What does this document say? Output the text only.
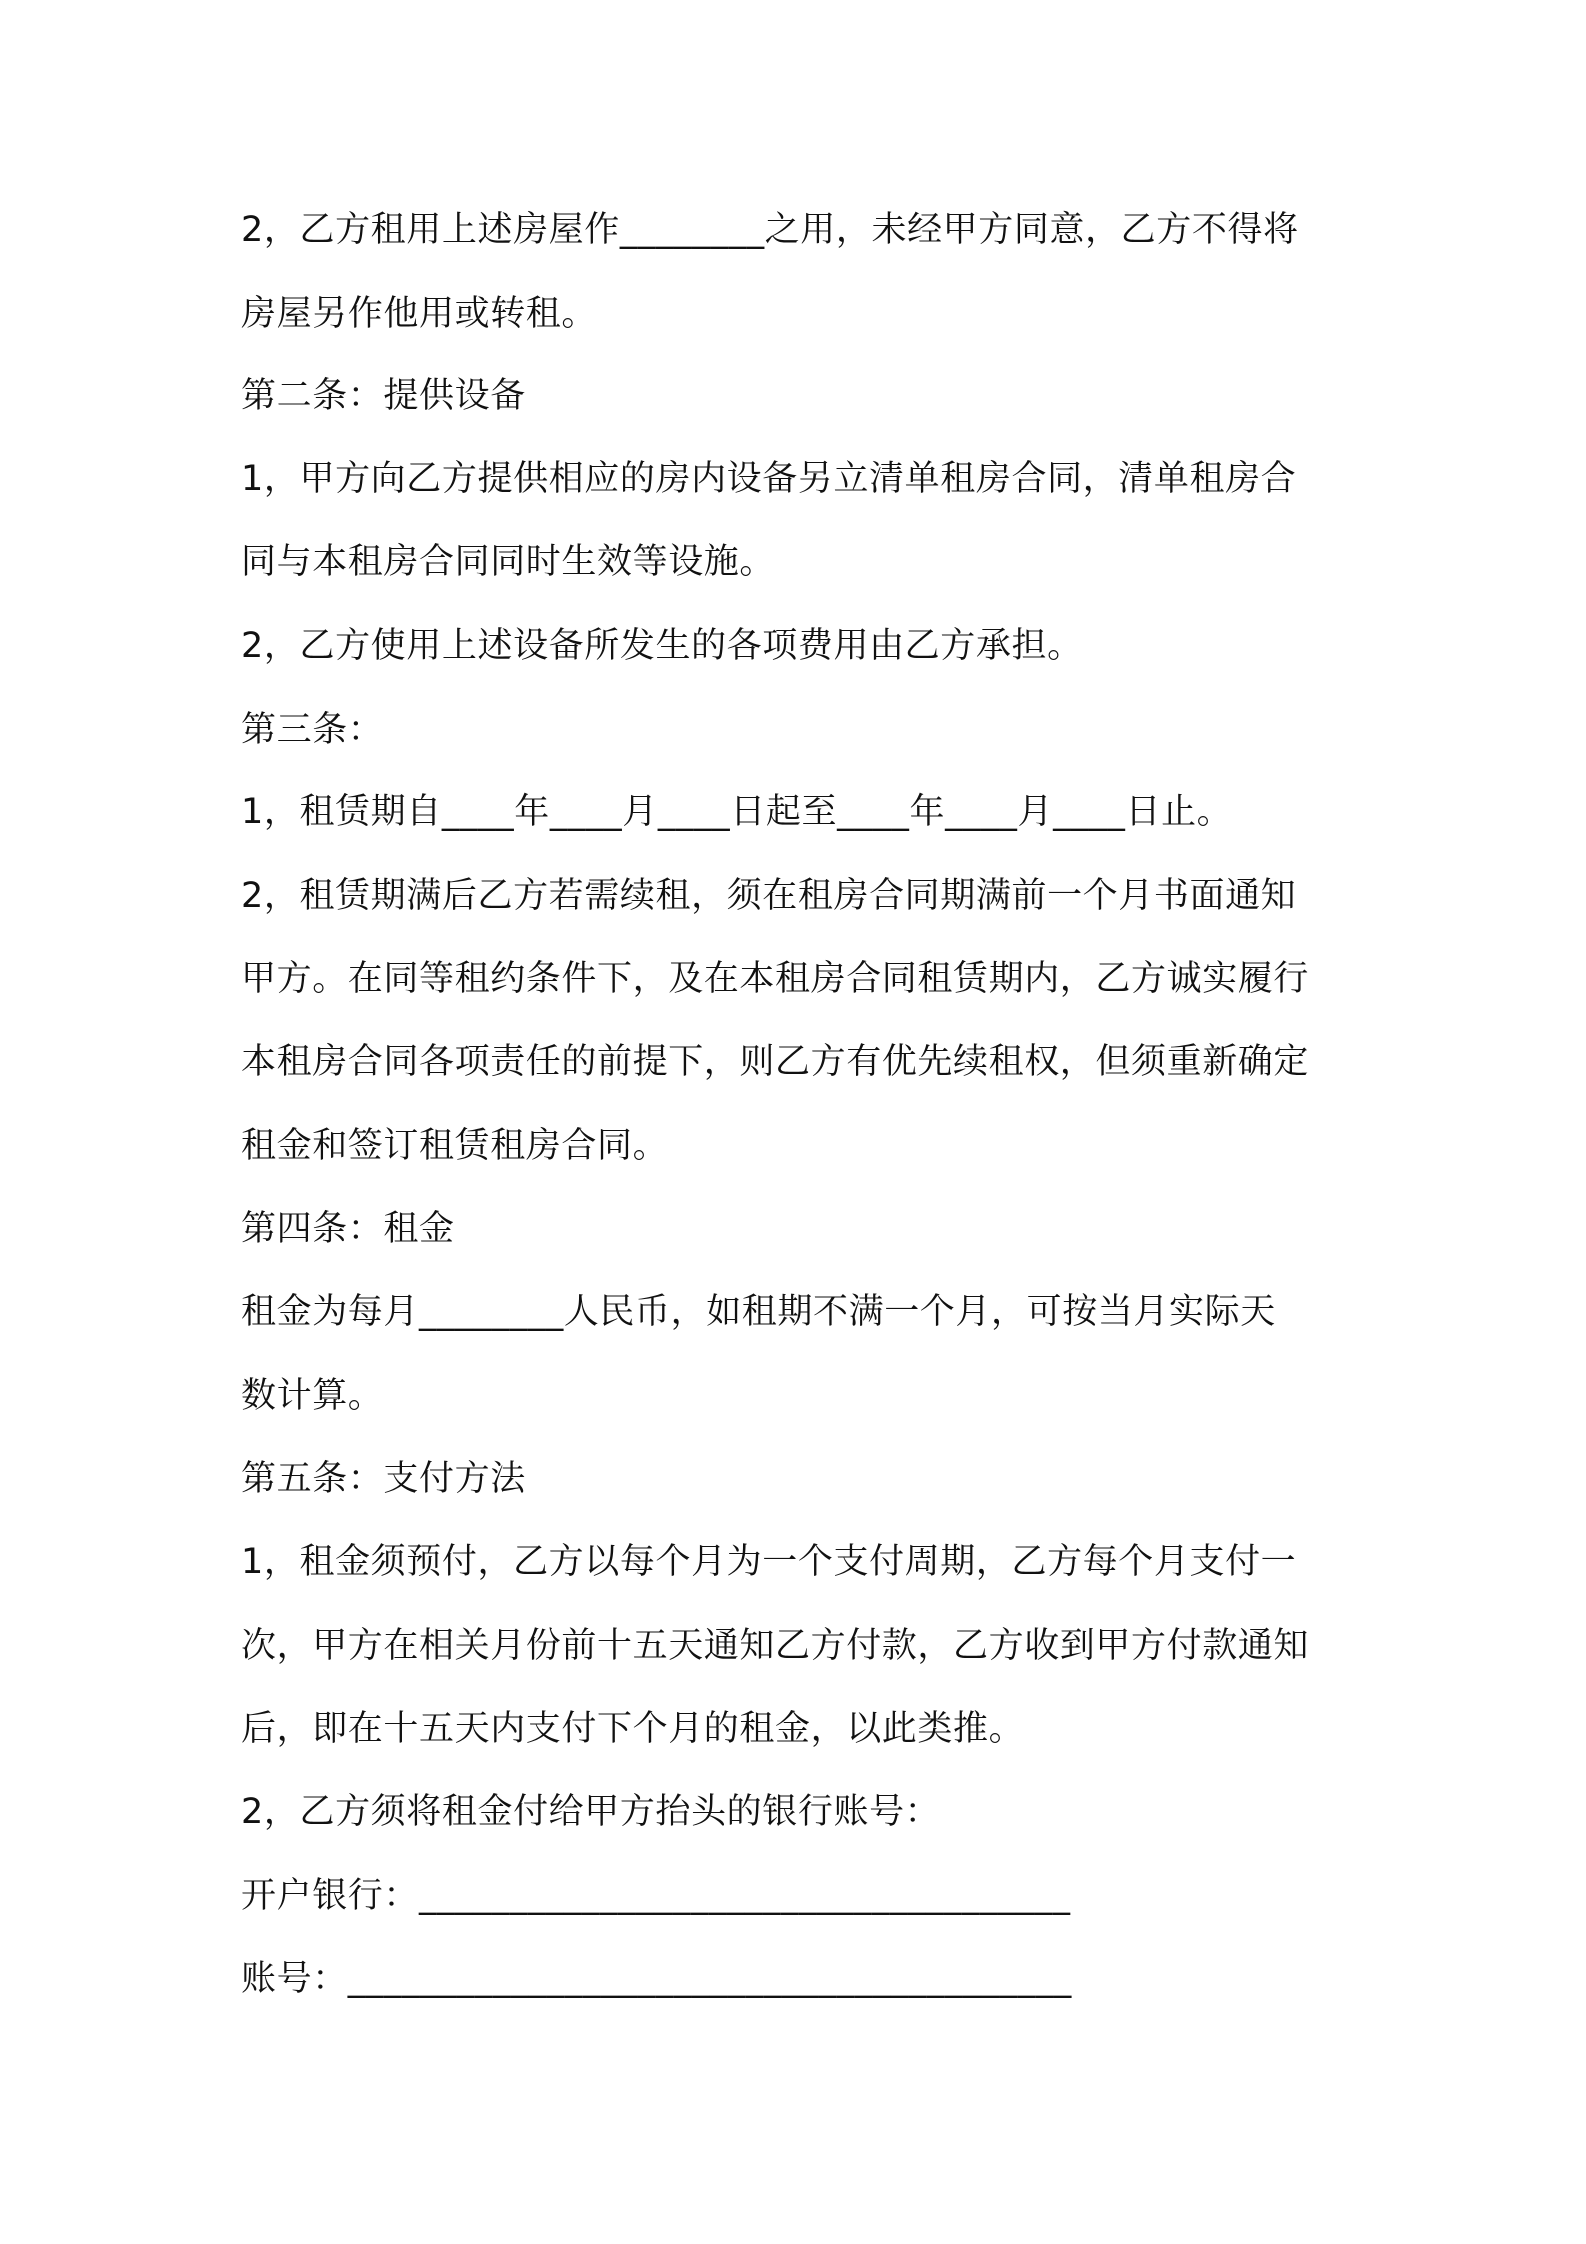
2，乙方租用上述房屋作________之用，未经甲方同意，乙方不得将

房屋另作他用或转租。

第二条：提供设备

1，甲方向乙方提供相应的房内设备另立清单租房合同，清单租房合

同与本租房合同同时生效等设施。

2，乙方使用上述设备所发生的各项费用由乙方承担。

第三条：

1，租赁期自____年____月____日起至____年____月____日止。

2，租赁期满后乙方若需续租，须在租房合同期满前一个月书面通知

甲方。在同等租约条件下，及在本租房合同租赁期内，乙方诚实履行

本租房合同各项责任的前提下，则乙方有优先续租权，但须重新确定

租金和签订租赁租房合同。

第四条：租金

租金为每月________人民币，如租期不满一个月，可按当月实际天

数计算。

第五条：支付方法

1，租金须预付，乙方以每个月为一个支付周期，乙方每个月支付一

次，甲方在相关月份前十五天通知乙方付款，乙方收到甲方付款通知

后，即在十五天内支付下个月的租金，以此类推。

2，乙方须将租金付给甲方抬头的银行账号：

开户银行：____________________________________

账号：________________________________________
